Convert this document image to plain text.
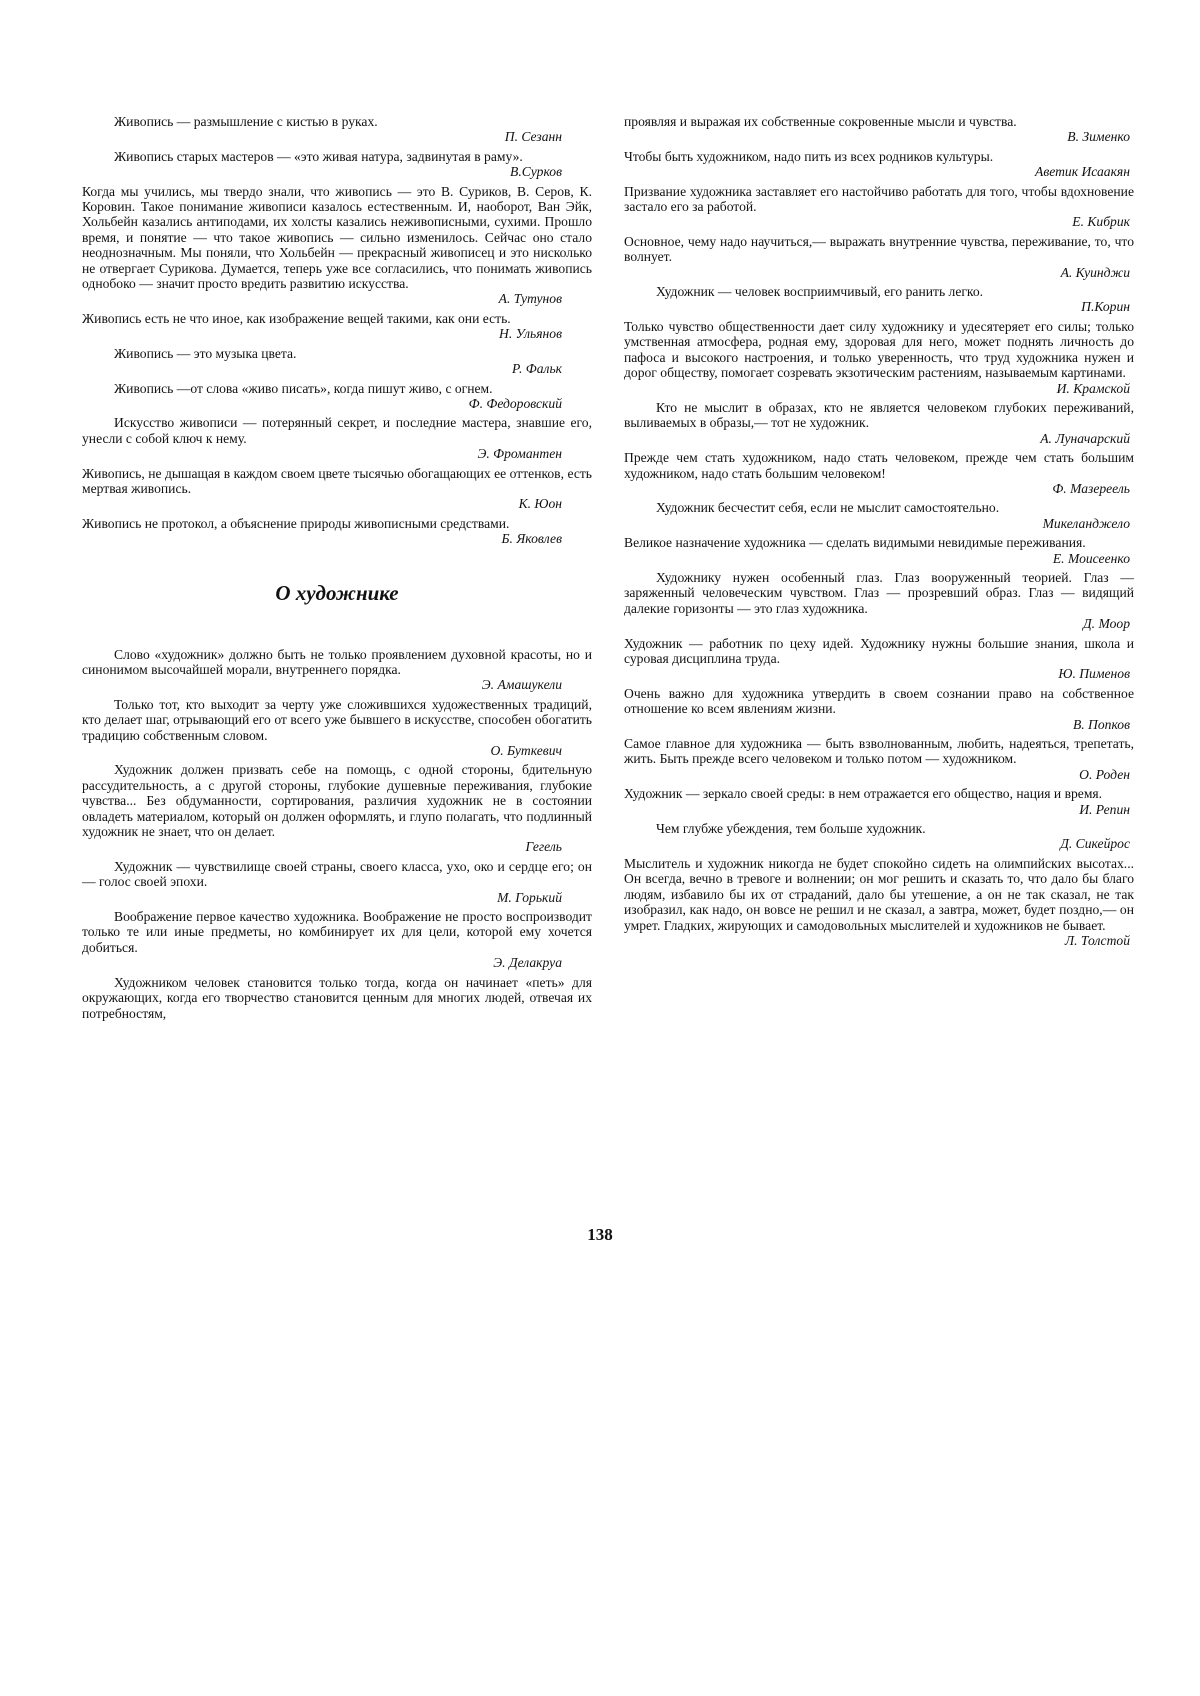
Живопись — размышление с кистью в руках.

П. Сезанн

Живопись старых мастеров — «это живая натура, задвинутая в раму».

В.Сурков

Когда мы учились, мы твердо знали, что живопись — это В. Суриков, В. Серов, К. Коровин. Такое понимание живописи казалось естественным. И, наоборот, Ван Эйк, Хольбейн казались антиподами, их холсты казались неживописными, сухими. Прошло время, и понятие — что такое живопись — сильно изменилось. Сейчас оно стало неоднозначным. Мы поняли, что Хольбейн — прекрасный живописец и это нисколько не отвергает Сурикова. Думается, теперь уже все согласились, что понимать живопись однобоко — значит просто вредить развитию искусства.

А. Тутунов

Живопись есть не что иное, как изображение вещей такими, как они есть.

Н. Ульянов

Живопись — это музыка цвета.

Р. Фальк

Живопись —от слова «живо писать», когда пишут живо, с огнем.

Ф. Федоровский

Искусство живописи — потерянный секрет, и последние мастера, знавшие его, унесли с собой ключ к нему.

Э. Фромантен

Живопись, не дышащая в каждом своем цвете тысячью обогащающих ее оттенков, есть мертвая живопись.

К. Юон

Живопись не протокол, а объяснение природы живописными средствами.

Б. Яковлев

О художнике

Слово «художник» должно быть не только проявлением духовной красоты, но и синонимом высочайшей морали, внутреннего порядка.

Э. Амашукели

Только тот, кто выходит за черту уже сложившихся художественных традиций, кто делает шаг, отрывающий его от всего уже бывшего в искусстве, способен обогатить традицию собственным словом.

О. Буткевич

Художник должен призвать себе на помощь, с одной стороны, бдительную рассудительность, а с другой стороны, глубокие душевные переживания, глубокие чувства... Без обдуманности, сортирования, различия художник не в состоянии овладеть материалом, который он должен оформлять, и глупо полагать, что подлинный художник не знает, что он делает.

Гегель

Художник — чувствилище своей страны, своего класса, ухо, око и сердце его; он — голос своей эпохи.

М. Горький

Воображение первое качество художника. Воображение не просто воспроизводит только те или иные предметы, но комбинирует их для цели, которой ему хочется добиться.

Э. Делакруа

Художником человек становится только тогда, когда он начинает «петь» для окружающих, когда его творчество становится ценным для многих людей, отвечая их потребностям,

проявляя и выражая их собственные сокровенные мысли и чувства.

В. Зименко

Чтобы быть художником, надо пить из всех родников культуры.

Аветик Исаакян

Призвание художника заставляет его настойчиво работать для того, чтобы вдохновение застало его за работой.

Е. Кибрик

Основное, чему надо научиться,— выражать внутренние чувства, переживание, то, что волнует.

А. Куинджи

Художник — человек восприимчивый, его ранить легко.

П.Корин

Только чувство общественности дает силу художнику и удесятеряет его силы; только умственная атмосфера, родная ему, здоровая для него, может поднять личность до пафоса и высокого настроения, и только уверенность, что труд художника нужен и дорог обществу, помогает созревать экзотическим растениям, называемым картинами.

И. Крамской

Кто не мыслит в образах, кто не является человеком глубоких переживаний, выливаемых в образы,— тот не художник.

А. Луначарский

Прежде чем стать художником, надо стать человеком, прежде чем стать большим художником, надо стать большим человеком!

Ф. Мазереель

Художник бесчестит себя, если не мыслит самостоятельно.

Микеланджело

Великое назначение художника — сделать видимыми невидимые переживания.

Е. Моисеенко

Художнику нужен особенный глаз. Глаз вооруженный теорией. Глаз — заряженный человеческим чувством. Глаз — прозревший образ. Глаз — видящий далекие горизонты — это глаз художника.

Д. Моор

Художник — работник по цеху идей. Художнику нужны большие знания, школа и суровая дисциплина труда.

Ю. Пименов

Очень важно для художника утвердить в своем сознании право на собственное отношение ко всем явлениям жизни.

В. Попков

Самое главное для художника — быть взволнованным, любить, надеяться, трепетать, жить. Быть прежде всего человеком и только потом — художником.

О. Роден

Художник — зеркало своей среды: в нем отражается его общество, нация и время.

И. Репин

Чем глубже убеждения, тем больше художник.

Д. Сикейрос

Мыслитель и художник никогда не будет спокойно сидеть на олимпийских высотах... Он всегда, вечно в тревоге и волнении; он мог решить и сказать то, что дало бы благо людям, избавило бы их от страданий, дало бы утешение, а он не так сказал, не так изобразил, как надо, он вовсе не решил и не сказал, а завтра, может, будет поздно,— он умрет. Гладких, жирующих и самодовольных мыслителей и художников не бывает.

Л. Толстой

138
